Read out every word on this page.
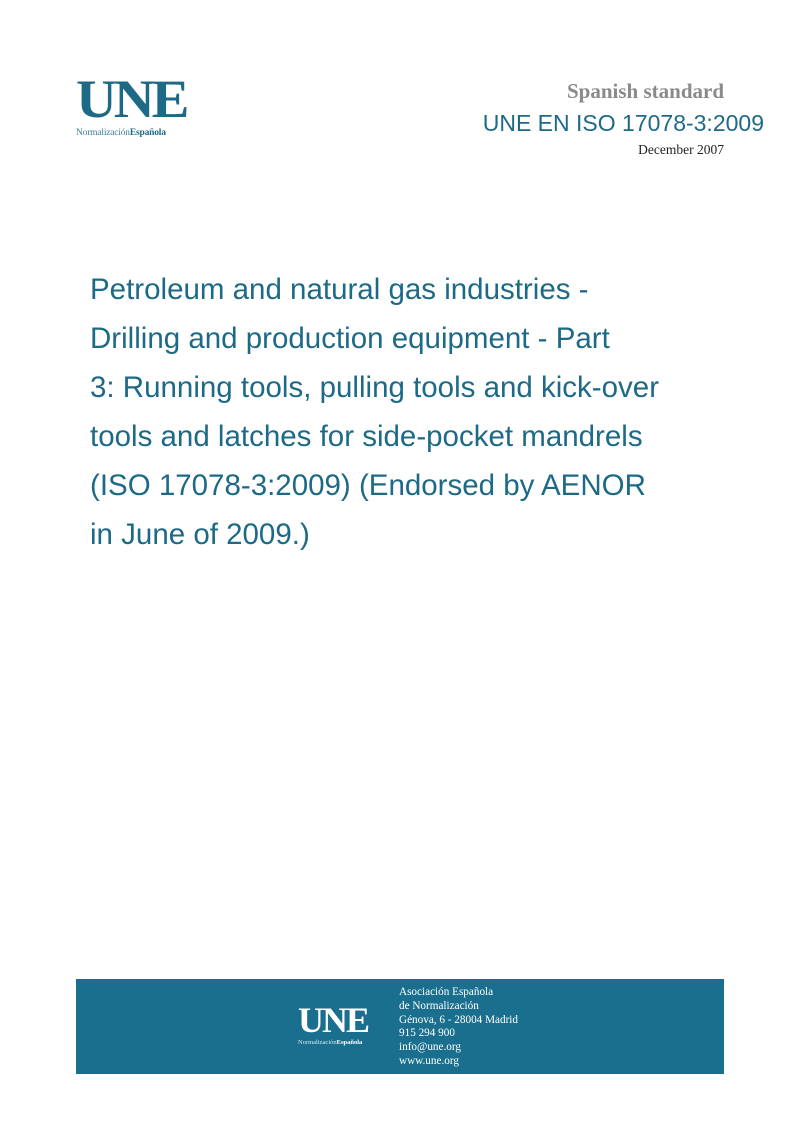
UNE
NormalizaciónEspañola
Spanish standard
UNE EN ISO 17078-3:2009
December 2007
Petroleum and natural gas industries -
Drilling and production equipment - Part
3: Running tools, pulling tools and kick-over
tools and latches for side-pocket mandrels
(ISO 17078-3:2009) (Endorsed by AENOR
in June of 2009.)
UNE
NormalizaciónEspañola
Asociación Española
de Normalización
Génova, 6 - 28004 Madrid
915 294 900
info@une.org
www.une.org
